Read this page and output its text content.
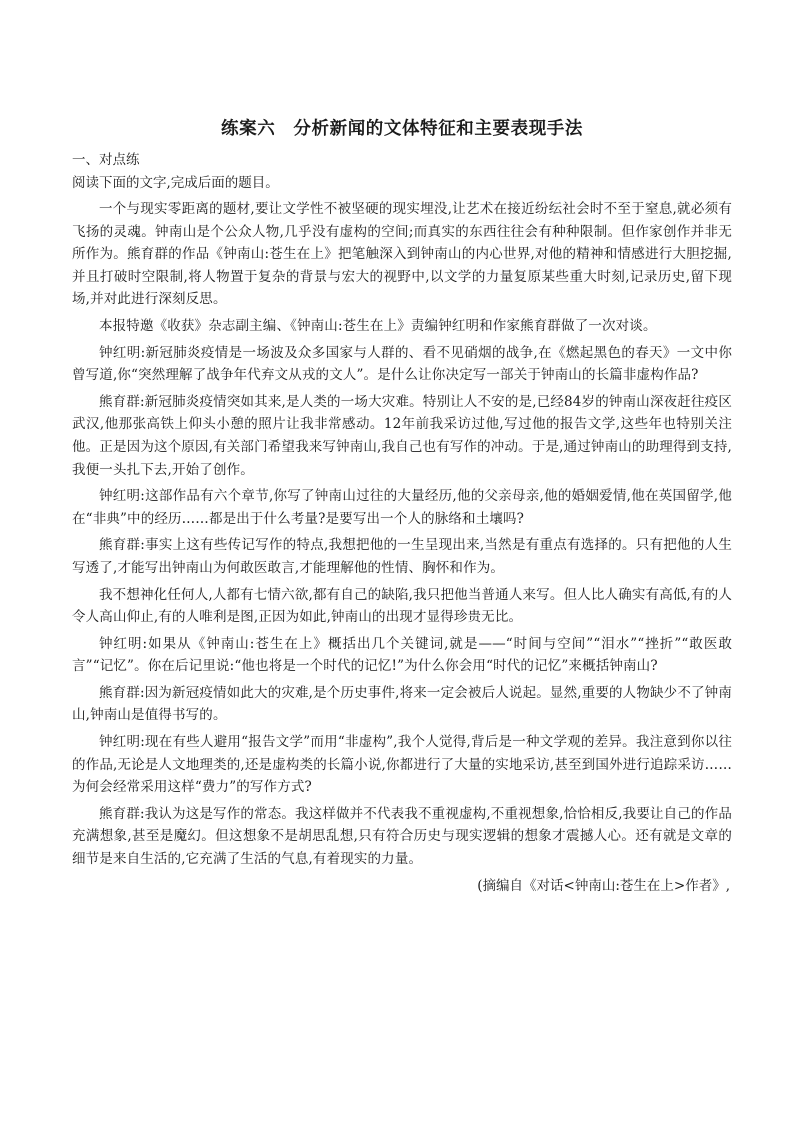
练案六　分析新闻的文体特征和主要表现手法

一、对点练

阅读下面的文字,完成后面的题目。

一个与现实零距离的题材,要让文学性不被坚硬的现实埋没,让艺术在接近纷纭社会时不至于窒息,就必须有飞扬的灵魂。钟南山是个公众人物,几乎没有虚构的空间;而真实的东西往往会有种种限制。但作家创作并非无所作为。熊育群的作品《钟南山:苍生在上》把笔触深入到钟南山的内心世界,对他的精神和情感进行大胆挖掘,并且打破时空限制,将人物置于复杂的背景与宏大的视野中,以文学的力量复原某些重大时刻,记录历史,留下现场,并对此进行深刻反思。

本报特邀《收获》杂志副主编、《钟南山:苍生在上》责编钟红明和作家熊育群做了一次对谈。

钟红明:新冠肺炎疫情是一场波及众多国家与人群的、看不见硝烟的战争,在《燃起黑色的春天》一文中你曾写道,你“突然理解了战争年代弃文从戎的文人”。是什么让你决定写一部关于钟南山的长篇非虚构作品?

熊育群:新冠肺炎疫情突如其来,是人类的一场大灾难。特别让人不安的是,已经84岁的钟南山深夜赶往疫区武汉,他那张高铁上仰头小憩的照片让我非常感动。12年前我采访过他,写过他的报告文学,这些年也特别关注他。正是因为这个原因,有关部门希望我来写钟南山,我自己也有写作的冲动。于是,通过钟南山的助理得到支持,我便一头扎下去,开始了创作。

钟红明:这部作品有六个章节,你写了钟南山过往的大量经历,他的父亲母亲,他的婚姻爱情,他在英国留学,他在“非典”中的经历……都是出于什么考量?是要写出一个人的脉络和土壤吗?

熊育群:事实上这有些传记写作的特点,我想把他的一生呈现出来,当然是有重点有选择的。只有把他的人生写透了,才能写出钟南山为何敢医敢言,才能理解他的性情、胸怀和作为。

我不想神化任何人,人都有七情六欲,都有自己的缺陷,我只把他当普通人来写。但人比人确实有高低,有的人令人高山仰止,有的人唯利是图,正因为如此,钟南山的出现才显得珍贵无比。

钟红明:如果从《钟南山:苍生在上》概括出几个关键词,就是——“时间与空间”“泪水”“挫折”“敢医敢言”“记忆”。你在后记里说:“他也将是一个时代的记忆!”为什么你会用“时代的记忆”来概括钟南山?

熊育群:因为新冠疫情如此大的灾难,是个历史事件,将来一定会被后人说起。显然,重要的人物缺少不了钟南山,钟南山是值得书写的。

钟红明:现在有些人避用“报告文学”而用“非虚构”,我个人觉得,背后是一种文学观的差异。我注意到你以往的作品,无论是人文地理类的,还是虚构类的长篇小说,你都进行了大量的实地采访,甚至到国外进行追踪采访……为何会经常采用这样“费力”的写作方式?

熊育群:我认为这是写作的常态。我这样做并不代表我不重视虚构,不重视想象,恰恰相反,我要让自己的作品充满想象,甚至是魔幻。但这想象不是胡思乱想,只有符合历史与现实逻辑的想象才震撼人心。还有就是文章的细节是来自生活的,它充满了生活的气息,有着现实的力量。

(摘编自《对话<钟南山:苍生在上>作者》,
